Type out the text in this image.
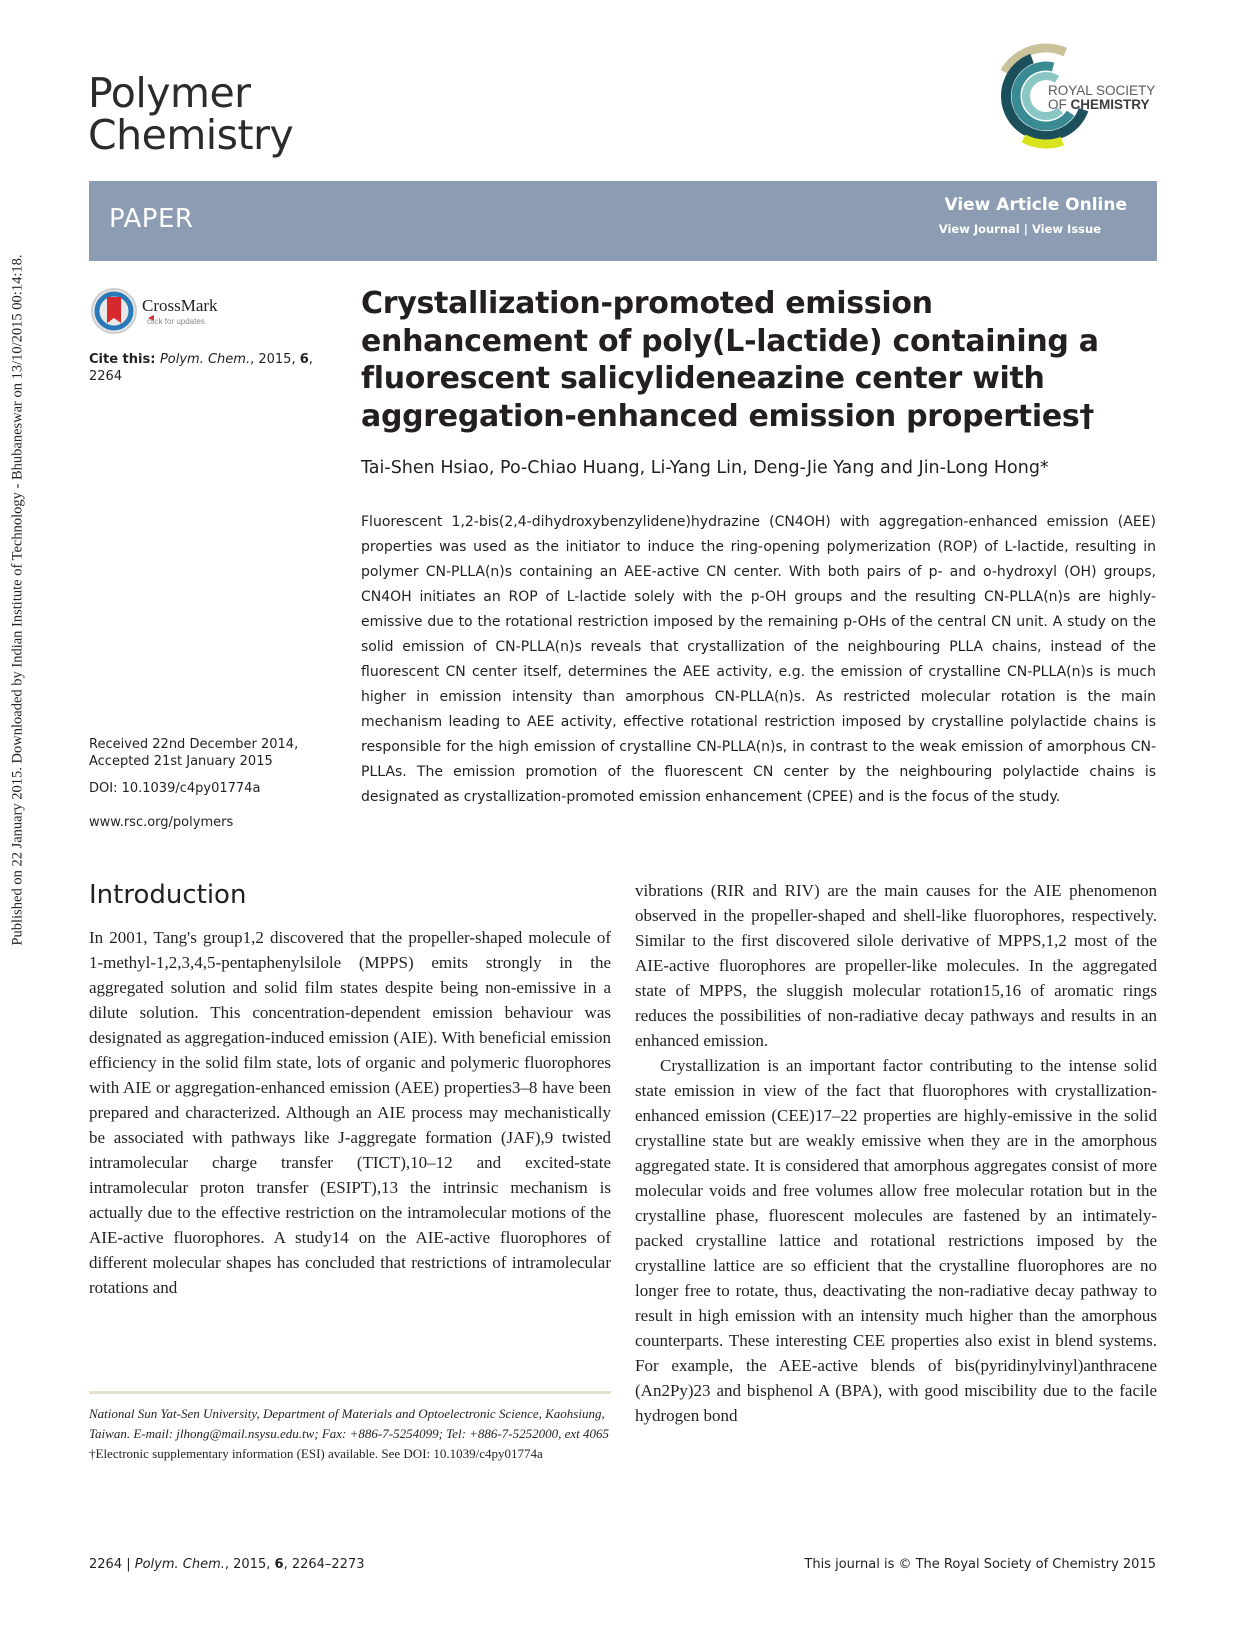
Published on 22 January 2015. Downloaded by Indian Institute of Technology - Bhubaneswar on 13/10/2015 00:14:18.
Polymer
Chemistry
ROYAL SOCIETY
OF CHEMISTRY
PAPER	View Article Online
View Journal | View Issue
CrossMark
click for updates
Cite this: Polym. Chem., 2015, 6,
2264
Received 22nd December 2014,
Accepted 21st January 2015
DOI: 10.1039/c4py01774a
www.rsc.org/polymers
Crystallization-promoted emission enhancement of poly(L-lactide) containing a fluorescent salicylideneazine center with aggregation-enhanced emission properties†
Tai-Shen Hsiao, Po-Chiao Huang, Li-Yang Lin, Deng-Jie Yang and Jin-Long Hong*
Fluorescent 1,2-bis(2,4-dihydroxybenzylidene)hydrazine (CN4OH) with aggregation-enhanced emission (AEE) properties was used as the initiator to induce the ring-opening polymerization (ROP) of L-lactide, resulting in polymer CN-PLLA(n)s containing an AEE-active CN center. With both pairs of p- and o-hydroxyl (OH) groups, CN4OH initiates an ROP of L-lactide solely with the p-OH groups and the resulting CN-PLLA(n)s are highly-emissive due to the rotational restriction imposed by the remaining p-OHs of the central CN unit. A study on the solid emission of CN-PLLA(n)s reveals that crystallization of the neighbouring PLLA chains, instead of the fluorescent CN center itself, determines the AEE activity, e.g. the emission of crystalline CN-PLLA(n)s is much higher in emission intensity than amorphous CN-PLLA(n)s. As restricted molecular rotation is the main mechanism leading to AEE activity, effective rotational restriction imposed by crystalline polylactide chains is responsible for the high emission of crystalline CN-PLLA(n)s, in contrast to the weak emission of amorphous CN-PLLAs. The emission promotion of the fluorescent CN center by the neighbouring polylactide chains is designated as crystallization-promoted emission enhancement (CPEE) and is the focus of the study.
Introduction

In 2001, Tang's group1,2 discovered that the propeller-shaped molecule of 1-methyl-1,2,3,4,5-pentaphenylsilole (MPPS) emits strongly in the aggregated solution and solid film states despite being non-emissive in a dilute solution. This concentration-dependent emission behaviour was designated as aggregation-induced emission (AIE). With beneficial emission efficiency in the solid film state, lots of organic and polymeric fluorophores with AIE or aggregation-enhanced emission (AEE) properties3–8 have been prepared and characterized. Although an AIE process may mechanistically be associated with pathways like J-aggregate formation (JAF),9 twisted intramolecular charge transfer (TICT),10–12 and excited-state intramolecular proton transfer (ESIPT),13 the intrinsic mechanism is actually due to the effective restriction on the intramolecular motions of the AIE-active fluorophores. A study14 on the AIE-active fluorophores of different molecular shapes has concluded that restrictions of intramolecular rotations and

vibrations (RIR and RIV) are the main causes for the AIE phenomenon observed in the propeller-shaped and shell-like fluorophores, respectively. Similar to the first discovered silole derivative of MPPS,1,2 most of the AIE-active fluorophores are propeller-like molecules. In the aggregated state of MPPS, the sluggish molecular rotation15,16 of aromatic rings reduces the possibilities of non-radiative decay pathways and results in an enhanced emission.

Crystallization is an important factor contributing to the intense solid state emission in view of the fact that fluorophores with crystallization-enhanced emission (CEE)17–22 properties are highly-emissive in the solid crystalline state but are weakly emissive when they are in the amorphous aggregated state. It is considered that amorphous aggregates consist of more molecular voids and free volumes allow free molecular rotation but in the crystalline phase, fluorescent molecules are fastened by an intimately-packed crystalline lattice and rotational restrictions imposed by the crystalline lattice are so efficient that the crystalline fluorophores are no longer free to rotate, thus, deactivating the non-radiative decay pathway to result in high emission with an intensity much higher than the amorphous counterparts. These interesting CEE properties also exist in blend systems. For example, the AEE-active blends of bis(pyridinylvinyl)anthracene (An2Py)23 and bisphenol A (BPA), with good miscibility due to the facile hydrogen bond

National Sun Yat-Sen University, Department of Materials and Optoelectronic Science, Kaohsiung, Taiwan. E-mail: jlhong@mail.nsysu.edu.tw; Fax: +886-7-5254099; Tel: +886-7-5252000, ext 4065
†Electronic supplementary information (ESI) available. See DOI: 10.1039/c4py01774a
2264 | Polym. Chem., 2015, 6, 2264–2273	This journal is © The Royal Society of Chemistry 2015
